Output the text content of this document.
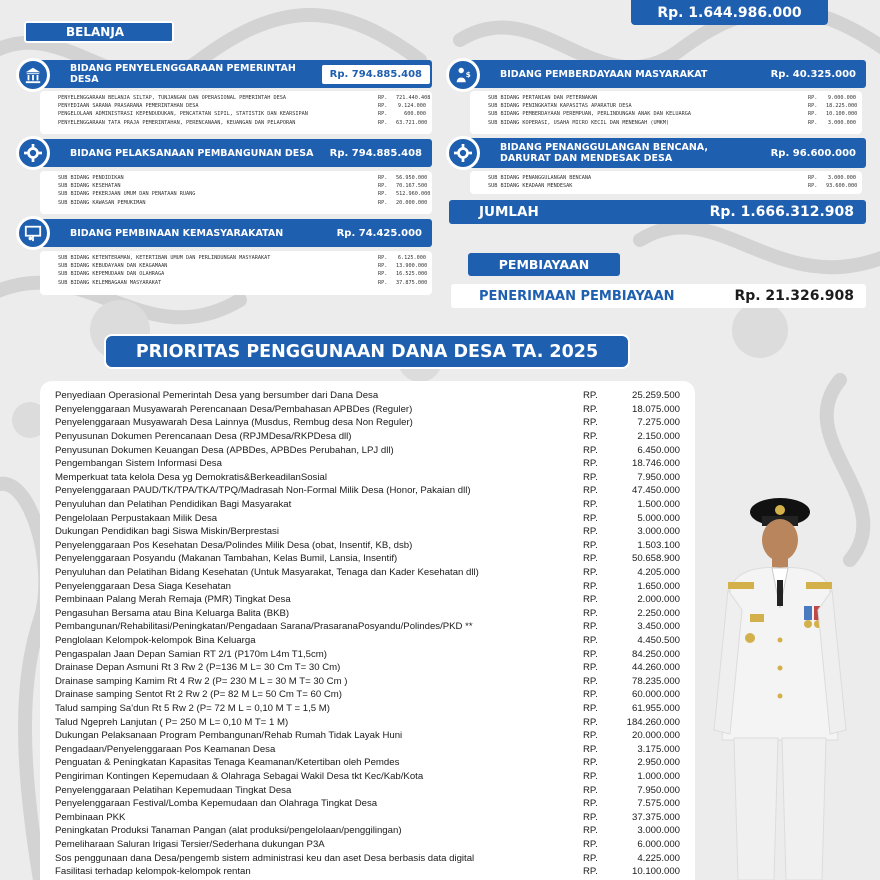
Rp. 1.644.986.000
BELANJA
BIDANG PENYELENGGARAAN PEMERINTAH DESA	Rp. 794.885.408
PENYELENGGARAAN BELANJA SILTAP, TUNJANGAN DAN OPERASIONAL PEMERINTAH DESA	RP.	721.440.408
PENYEDIAAN SARANA PRASARANA PEMERINTAHAN DESA	RP.	9.124.000
PENGELOLAAN ADMINISTRASI KEPENDUDUKAN, PENCATATAN SIPIL, STATISTIK DAN KEARSIPAN	RP.	600.000
PENYELENGGARAAN TATA PRAJA PEMERINTAHAN, PERENCANAAN, KEUANGAN DAN PELAPORAN	RP.	63.721.000
BIDANG PELAKSANAAN PEMBANGUNAN DESA Rp. 794.885.408
SUB BIDANG PENDIDIKAN	RP.	56.950.000
SUB BIDANG KESEHATAN	RP.	70.167.500
SUB BIDANG PEKERJAAN UMUM DAN PENATAAN RUANG	RP.	512.960.000
SUB BIDANG KAWASAN PEMUKIMAN	RP.	20.000.000
BIDANG PEMBINAAN KEMASYARAKATAN	Rp. 74.425.000
SUB BIDANG KETENTERAMAN, KETERTIBAN UMUM DAN PERLINDUNGAN MASYARAKAT	RP.	6.125.000
SUB BIDANG KEBUDAYAAN DAN KEAGAMAAN	RP.	13.900.000
SUB BIDANG KEPEMUDAAN DAN OLAHRAGA	RP.	16.525.000
SUB BIDANG KELEMBAGAAN MASYARAKAT	RP.	37.875.000
$	BIDANG PEMBERDAYAAN MASYARAKAT	Rp. 40.325.000
SUB BIDANG PERTANIAN DAN PETERNAKAN	RP.	9.000.000
SUB BIDANG PENINGKATAN KAPASITAS APARATUR DESA	RP.	18.225.000
SUB BIDANG PEMBERDAYAAN PEREMPUAN, PERLINDUNGAN ANAK DAN KELUARGA	RP.	10.100.000
SUB BIDANG KOPERASI, USAHA MICRO KECIL DAN MENENGAH (UMKM)	RP.	3.000.000
BIDANG PENANGGULANGAN BENCANA,
DARURAT DAN MENDESAK DESA	Rp. 96.600.000
SUB BIDANG PENANGGULANGAN BENCANA	RP.	3.000.000
SUB BIDANG KEADAAN MENDESAK	RP.	93.600.000
JUMLAH	Rp. 1.666.312.908
PEMBIAYAAN
PENERIMAAN PEMBIAYAAN	Rp. 21.326.908
PRIORITAS PENGGUNAAN DANA DESA TA. 2025
Penyediaan Operasional Pemerintah Desa yang bersumber dari Dana Desa	RP.	25.259.500
Penyelenggaraan Musyawarah Perencanaan Desa/Pembahasan APBDes (Reguler)	RP.	18.075.000
Penyelenggaraan Musyawarah Desa Lainnya (Musdus, Rembug desa Non Reguler)	RP.	7.275.000
Penyusunan Dokumen Perencanaan Desa (RPJMDesa/RKPDesa dll)	RP.	2.150.000
Penyusunan Dokumen Keuangan Desa (APBDes, APBDes Perubahan, LPJ dll)	RP.	6.450.000
Pengembangan Sistem Informasi Desa	RP.	18.746.000
Memperkuat tata kelola Desa yg Demokratis&BerkeadilanSosial	RP.	7.950.000
Penyelenggaraan PAUD/TK/TPA/TKA/TPQ/Madrasah Non-Formal Milik Desa (Honor, Pakaian dll)	RP.	47.450.000
Penyuluhan dan Pelatihan Pendidikan Bagi Masyarakat	RP.	1.500.000
Pengelolaan Perpustakaan Milik Desa	RP.	5.000.000
Dukungan Pendidikan bagi Siswa Miskin/Berprestasi	RP.	3.000.000
Penyelenggaraan Pos Kesehatan Desa/Polindes Milik Desa (obat, Insentif, KB, dsb)	RP.	1.503.100
Penyelenggaraan Posyandu (Makanan Tambahan, Kelas Bumil, Lansia, Insentif)	RP.	50.658.900
Penyuluhan dan Pelatihan Bidang Kesehatan (Untuk Masyarakat, Tenaga dan Kader Kesehatan dll)	RP.	4.205.000
Penyelenggaraan Desa Siaga Kesehatan	RP.	1.650.000
Pembinaan Palang Merah Remaja (PMR) Tingkat Desa	RP.	2.000.000
Pengasuhan Bersama atau Bina Keluarga Balita (BKB)	RP.	2.250.000
Pembangunan/Rehabilitasi/Peningkatan/Pengadaan Sarana/PrasaranaPosyandu/Polindes/PKD **	RP.	3.450.000
Penglolaan Kelompok-kelompok Bina Keluarga	RP.	4.450.500
Pengaspalan Jaan Depan Samian RT 2/1 (P170m L4m T1,5cm)	RP.	84.250.000
Drainase Depan Asmuni Rt 3 Rw 2 (P=136 M L= 30 Cm T= 30 Cm)	RP.	44.260.000
Drainase samping Kamim Rt 4 Rw 2 (P= 230 M L = 30 M T= 30 Cm )	RP.	78.235.000
Drainase samping Sentot Rt 2 Rw 2 (P= 82 M L= 50 Cm T= 60 Cm)	RP.	60.000.000
Talud samping Sa'dun Rt 5 Rw 2 (P= 72 M L = 0,10 M T = 1,5 M)	RP.	61.955.000
Talud Ngepreh Lanjutan ( P= 250 M L= 0,10 M T= 1 M)	RP.	184.260.000
Dukungan Pelaksanaan Program Pembangunan/Rehab Rumah Tidak Layak Huni	RP.	20.000.000
Pengadaan/Penyelenggaraan Pos Keamanan Desa	RP.	3.175.000
Penguatan & Peningkatan Kapasitas Tenaga Keamanan/Ketertiban oleh Pemdes	RP.	2.950.000
Pengiriman Kontingen Kepemudaan & Olahraga Sebagai Wakil Desa tkt Kec/Kab/Kota	RP.	1.000.000
Penyelenggaraan Pelatihan Kepemudaan Tingkat Desa	RP.	7.950.000
Penyelenggaraan Festival/Lomba Kepemudaan dan Olahraga Tingkat Desa	RP.	7.575.000
Pembinaan PKK	RP.	37.375.000
Peningkatan Produksi Tanaman Pangan (alat produksi/pengelolaan/penggilingan)	RP.	3.000.000
Pemeliharaan Saluran Irigasi Tersier/Sederhana dukungan P3A	RP.	6.000.000
Sos penggunaan dana Desa/pengemb sistem administrasi keu dan aset Desa berbasis data digital	RP.	4.225.000
Fasilitasi terhadap kelompok-kelompok rentan	RP.	10.100.000
